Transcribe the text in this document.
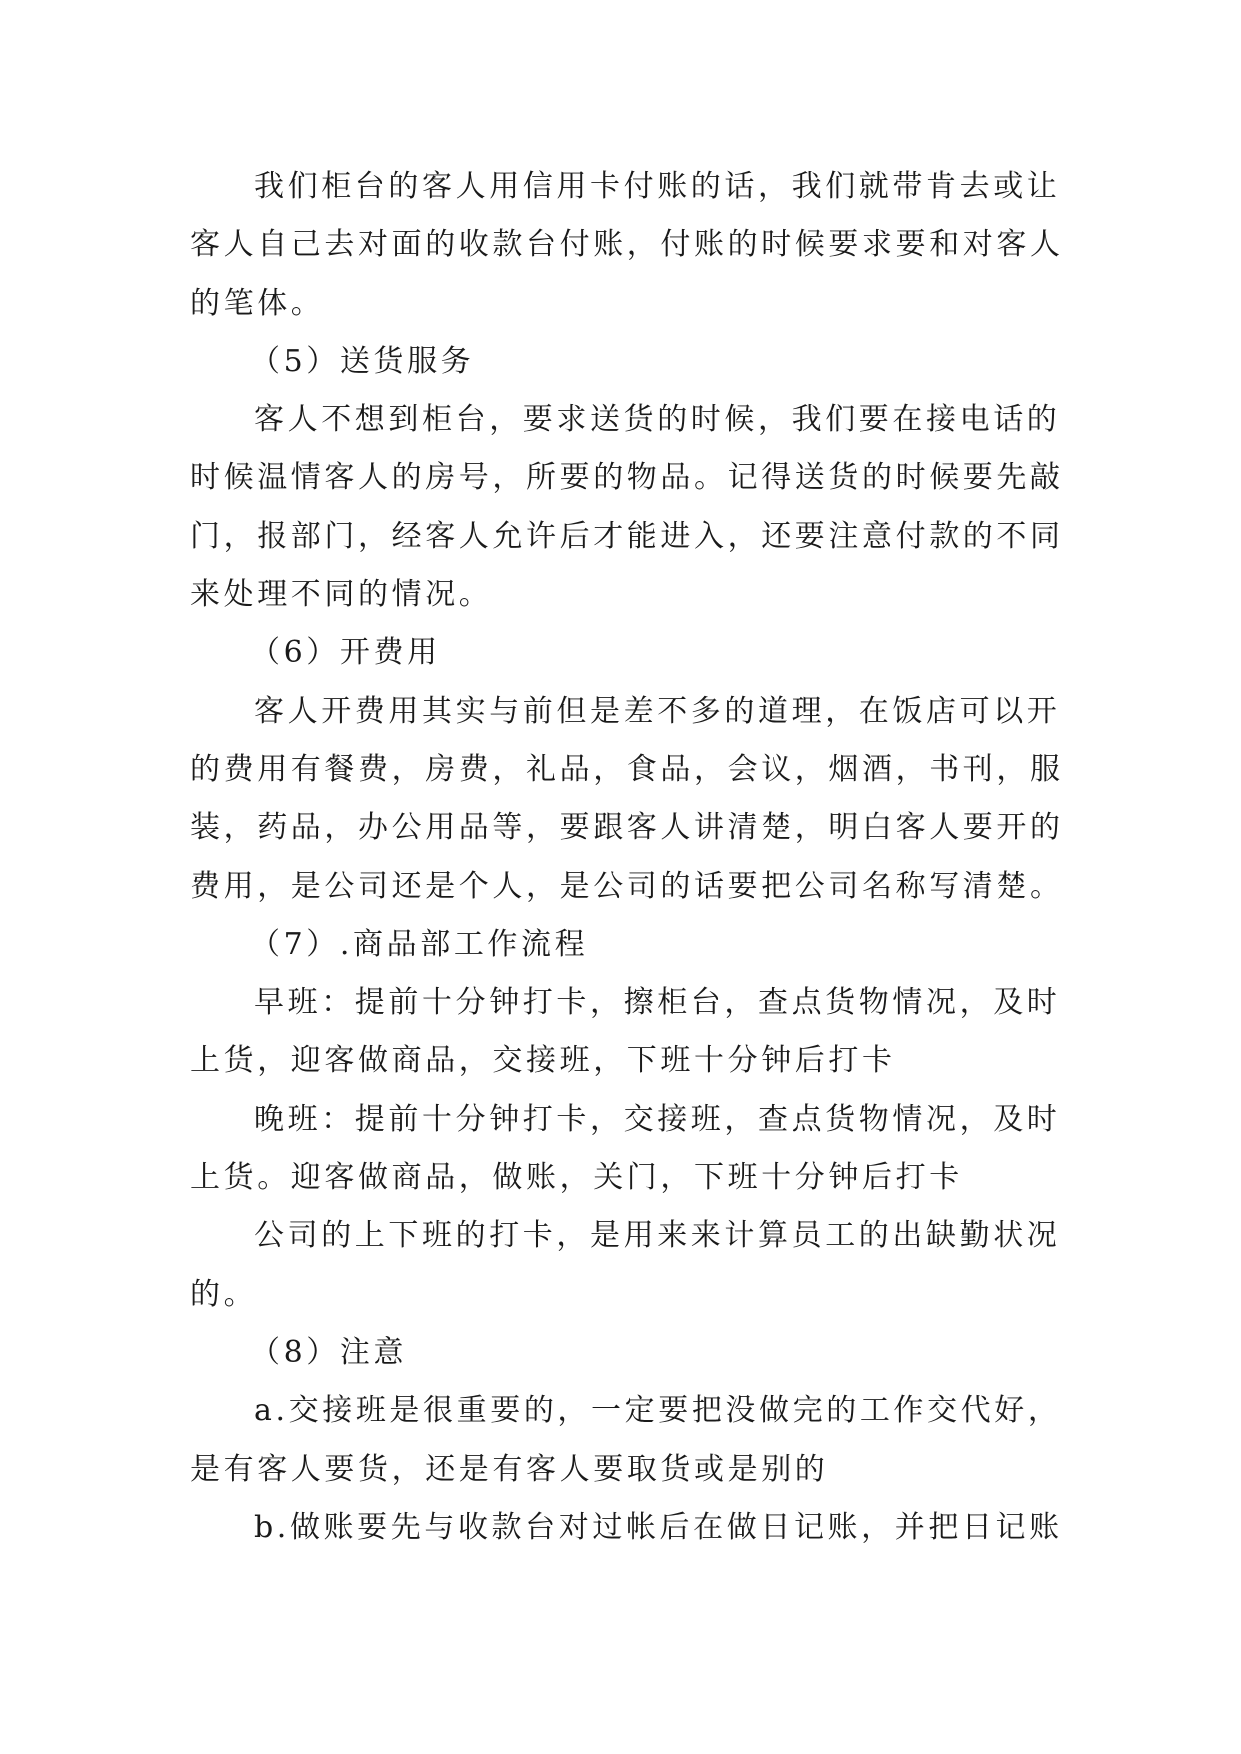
我们柜台的客人用信用卡付账的话，我们就带肯去或让
客人自己去对面的收款台付账，付账的时候要求要和对客人
的笔体。
（5）送货服务
客人不想到柜台，要求送货的时候，我们要在接电话的
时候温情客人的房号，所要的物品。记得送货的时候要先敲
门，报部门，经客人允许后才能进入，还要注意付款的不同
来处理不同的情况。
（6）开费用
客人开费用其实与前但是差不多的道理，在饭店可以开
的费用有餐费，房费，礼品，食品，会议，烟酒，书刊，服
装，药品，办公用品等，要跟客人讲清楚，明白客人要开的
费用，是公司还是个人，是公司的话要把公司名称写清楚。
（7）.商品部工作流程
早班：提前十分钟打卡，擦柜台，查点货物情况，及时
上货，迎客做商品，交接班，下班十分钟后打卡
晚班：提前十分钟打卡，交接班，查点货物情况，及时
上货。迎客做商品，做账，关门，下班十分钟后打卡
公司的上下班的打卡，是用来来计算员工的出缺勤状况
的。
（8）注意
a.交接班是很重要的，一定要把没做完的工作交代好，
是有客人要货，还是有客人要取货或是别的
b.做账要先与收款台对过帐后在做日记账，并把日记账
